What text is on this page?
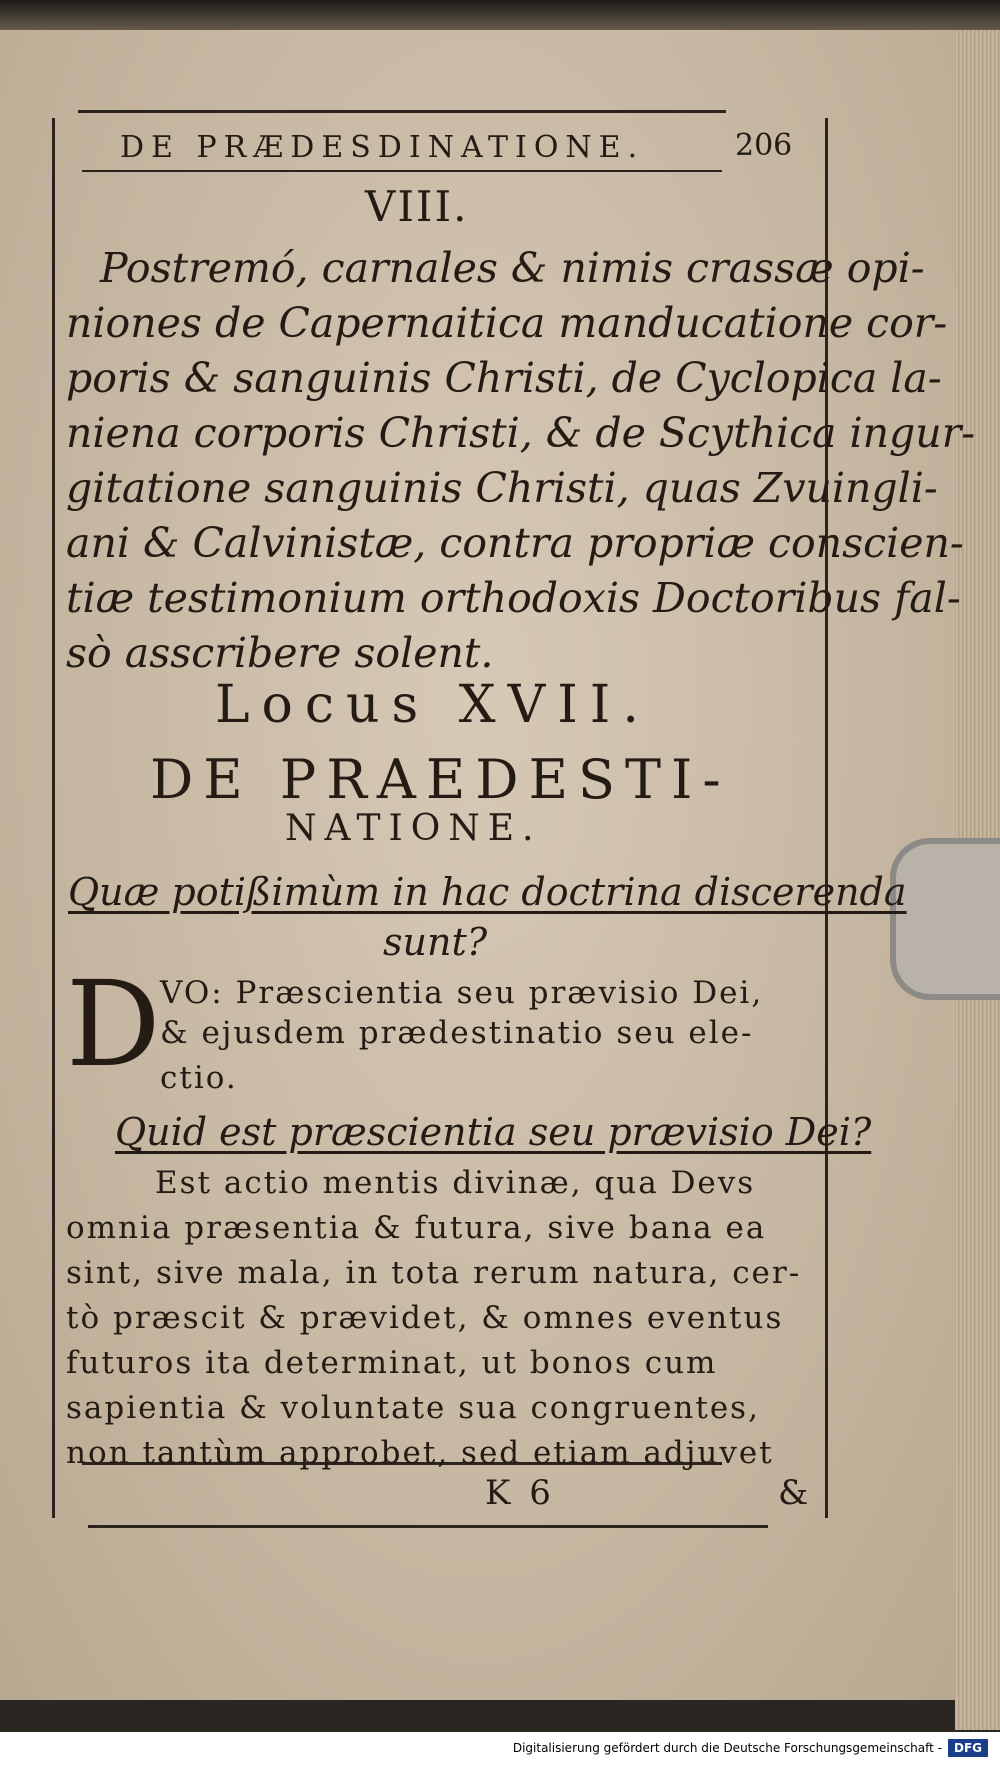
DE PRÆDESDINATIONE.	206
VIII.
Postremó, carnales & nimis crassæ opi-
niones de Capernaitica manducatione cor-
poris & sanguinis Christi, de Cyclopica la-
niena corporis Christi, & de Scythica ingur-
gitatione sanguinis Christi, quas Zvuingli-
ani & Calvinistæ, contra propriæ conscien-
tiæ testimonium orthodoxis Doctoribus fal-
sò asscribere solent.
Locus XVII.
DE PRAEDESTI-
NATIONE.
Quæ potißimùm in hac doctrina discerenda
sunt?
D VO: Præscientia seu prævisio Dei,
& ejusdem prædestinatio seu ele-
ctio.
Quid est præscientia seu prævisio Dei?
Est actio mentis divinæ, qua Devs
omnia præsentia & futura, sive bana ea
sint, sive mala, in tota rerum natura, cer-
tò præscit & prævidet, & omnes eventus
futuros ita determinat, ut bonos cum
sapientia & voluntate sua congruentes,
non tantùm approbet, sed etiam adjuvet
K 6	&
Digitalisierung gefördert durch die Deutsche Forschungsgemeinschaft - DFG
